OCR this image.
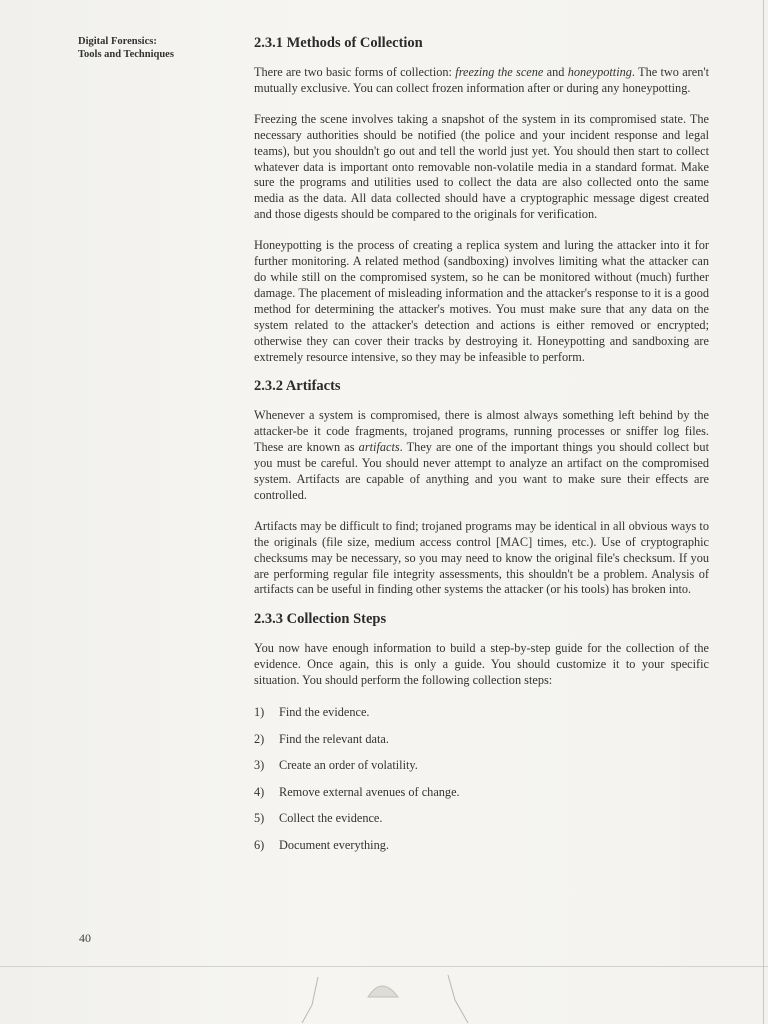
Digital Forensics:
Tools and Techniques
2.3.1 Methods of Collection

There are two basic forms of collection: freezing the scene and honeypotting. The two aren't mutually exclusive. You can collect frozen information after or during any honeypotting.

Freezing the scene involves taking a snapshot of the system in its compromised state. The necessary authorities should be notified (the police and your incident response and legal teams), but you shouldn't go out and tell the world just yet. You should then start to collect whatever data is important onto removable non-volatile media in a standard format. Make sure the programs and utilities used to collect the data are also collected onto the same media as the data. All data collected should have a cryptographic message digest created and those digests should be compared to the originals for verification.

Honeypotting is the process of creating a replica system and luring the attacker into it for further monitoring. A related method (sandboxing) involves limiting what the attacker can do while still on the compromised system, so he can be monitored without (much) further damage. The placement of misleading information and the attacker's response to it is a good method for determining the attacker's motives. You must make sure that any data on the system related to the attacker's detection and actions is either removed or encrypted; otherwise they can cover their tracks by destroying it. Honeypotting and sandboxing are extremely resource intensive, so they may be infeasible to perform.

2.3.2 Artifacts

Whenever a system is compromised, there is almost always something left behind by the attacker-be it code fragments, trojaned programs, running processes or sniffer log files. These are known as artifacts. They are one of the important things you should collect but you must be careful. You should never attempt to analyze an artifact on the compromised system. Artifacts are capable of anything and you want to make sure their effects are controlled.

Artifacts may be difficult to find; trojaned programs may be identical in all obvious ways to the originals (file size, medium access control [MAC] times, etc.). Use of cryptographic checksums may be necessary, so you may need to know the original file's checksum. If you are performing regular file integrity assessments, this shouldn't be a problem. Analysis of artifacts can be useful in finding other systems the attacker (or his tools) has broken into.

2.3.3 Collection Steps

You now have enough information to build a step-by-step guide for the collection of the evidence. Once again, this is only a guide. You should customize it to your specific situation. You should perform the following collection steps:

1)	Find the evidence.
2)	Find the relevant data.
3)	Create an order of volatility.
4)	Remove external avenues of change.
5)	Collect the evidence.
6)	Document everything.
40
